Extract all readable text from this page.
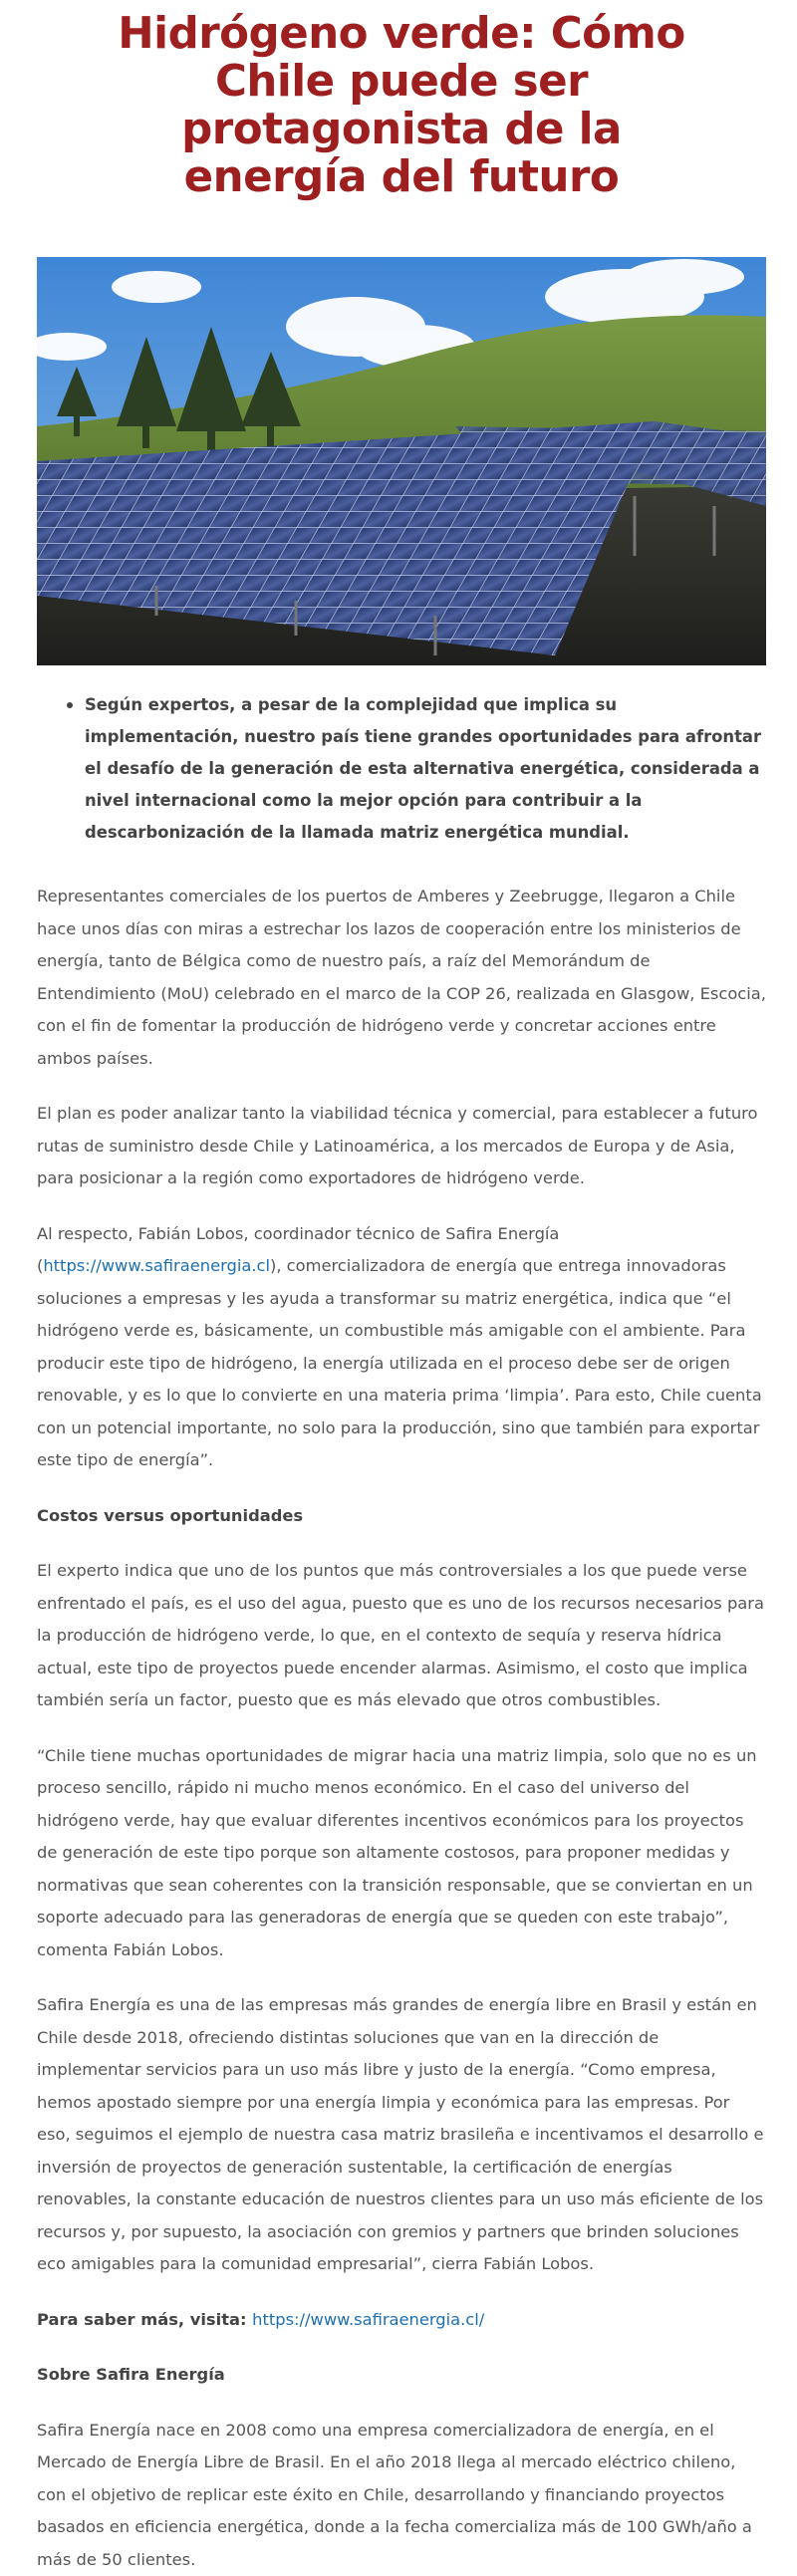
Hidrógeno verde: Cómo Chile puede ser protagonista de la energía del futuro
Según expertos, a pesar de la complejidad que implica su implementación, nuestro país tiene grandes oportunidades para afrontar el desafío de la generación de esta alternativa energética, considerada a nivel internacional como la mejor opción para contribuir a la descarbonización de la llamada matriz energética mundial.

Representantes comerciales de los puertos de Amberes y Zeebrugge, llegaron a Chile hace unos días con miras a estrechar los lazos de cooperación entre los ministerios de energía, tanto de Bélgica como de nuestro país, a raíz del Memorándum de Entendimiento (MoU) celebrado en el marco de la COP 26, realizada en Glasgow, Escocia, con el fin de fomentar la producción de hidrógeno verde y concretar acciones entre ambos países.

El plan es poder analizar tanto la viabilidad técnica y comercial, para establecer a futuro rutas de suministro desde Chile y Latinoamérica, a los mercados de Europa y de Asia, para posicionar a la región como exportadores de hidrógeno verde.

Al respecto, Fabián Lobos, coordinador técnico de Safira Energía (https://www.safiraenergia.cl), comercializadora de energía que entrega innovadoras soluciones a empresas y les ayuda a transformar su matriz energética, indica que “el hidrógeno verde es, básicamente, un combustible más amigable con el ambiente. Para producir este tipo de hidrógeno, la energía utilizada en el proceso debe ser de origen renovable, y es lo que lo convierte en una materia prima ‘limpia’. Para esto, Chile cuenta con un potencial importante, no solo para la producción, sino que también para exportar este tipo de energía”.

Costos versus oportunidades

El experto indica que uno de los puntos que más controversiales a los que puede verse enfrentado el país, es el uso del agua, puesto que es uno de los recursos necesarios para la producción de hidrógeno verde, lo que, en el contexto de sequía y reserva hídrica actual, este tipo de proyectos puede encender alarmas. Asimismo, el costo que implica también sería un factor, puesto que es más elevado que otros combustibles.

“Chile tiene muchas oportunidades de migrar hacia una matriz limpia, solo que no es un proceso sencillo, rápido ni mucho menos económico. En el caso del universo del hidrógeno verde, hay que evaluar diferentes incentivos económicos para los proyectos de generación de este tipo porque son altamente costosos, para proponer medidas y normativas que sean coherentes con la transición responsable, que se conviertan en un soporte adecuado para las generadoras de energía que se queden con este trabajo”, comenta Fabián Lobos.

Safira Energía es una de las empresas más grandes de energía libre en Brasil y están en Chile desde 2018, ofreciendo distintas soluciones que van en la dirección de implementar servicios para un uso más libre y justo de la energía. “Como empresa, hemos apostado siempre por una energía limpia y económica para las empresas. Por eso, seguimos el ejemplo de nuestra casa matriz brasileña e incentivamos el desarrollo e inversión de proyectos de generación sustentable, la certificación de energías renovables, la constante educación de nuestros clientes para un uso más eficiente de los recursos y, por supuesto, la asociación con gremios y partners que brinden soluciones eco amigables para la comunidad empresarial”, cierra Fabián Lobos.

Para saber más, visita: https://www.safiraenergia.cl/

Sobre Safira Energía

Safira Energía nace en 2008 como una empresa comercializadora de energía, en el Mercado de Energía Libre de Brasil. En el año 2018 llega al mercado eléctrico chileno, con el objetivo de replicar este éxito en Chile, desarrollando y financiando proyectos basados en eficiencia energética, donde a la fecha comercializa más de 100 GWh/año a más de 50 clientes.
